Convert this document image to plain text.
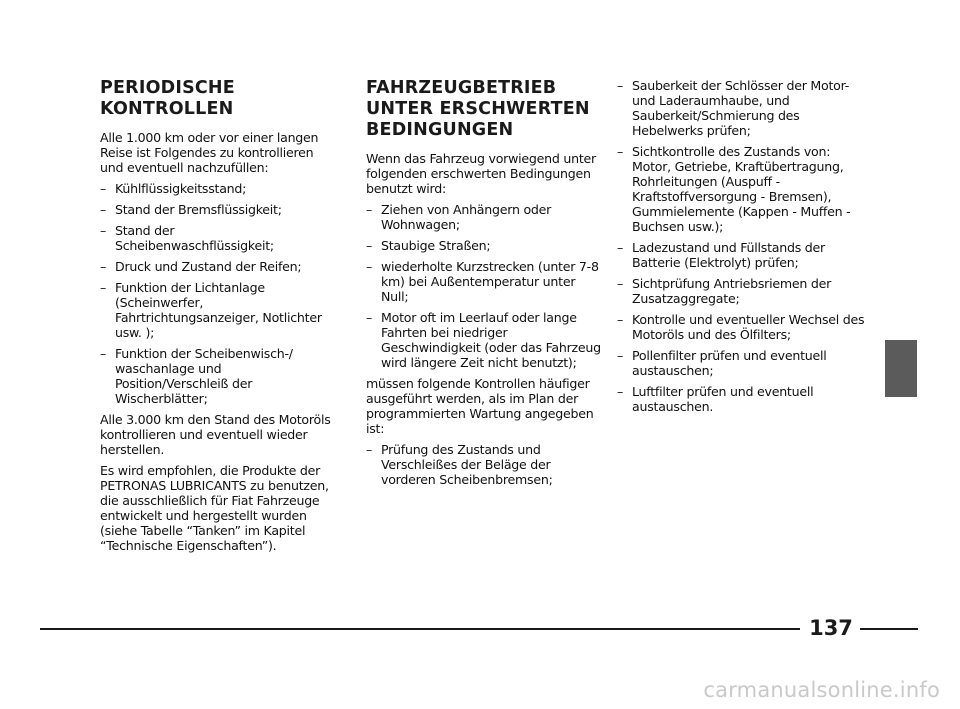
PERIODISCHE
KONTROLLEN

Alle 1.000 km oder vor einer langen Reise ist Folgendes zu kontrollieren und eventuell nachzufüllen:

– Kühlflüssigkeitsstand;
– Stand der Bremsflüssigkeit;
– Stand der Scheibenwaschflüssigkeit;
– Druck und Zustand der Reifen;
– Funktion der Lichtanlage (Scheinwerfer, Fahrtrichtungsanzeiger, Notlichter usw. );
– Funktion der Scheibenwisch-/ waschanlage und Position/Verschleiß der Wischerblätter;

Alle 3.000 km den Stand des Motoröls kontrollieren und eventuell wieder herstellen.

Es wird empfohlen, die Produkte der PETRONAS LUBRICANTS zu benutzen, die ausschließlich für Fiat Fahrzeuge entwickelt und hergestellt wurden (siehe Tabelle “Tanken” im Kapitel “Technische Eigenschaften”).

FAHRZEUGBETRIEB
UNTER ERSCHWERTEN
BEDINGUNGEN

Wenn das Fahrzeug vorwiegend unter folgenden erschwerten Bedingungen benutzt wird:

– Ziehen von Anhängern oder Wohnwagen;
– Staubige Straßen;
– wiederholte Kurzstrecken (unter 7-8 km) bei Außentemperatur unter Null;
– Motor oft im Leerlauf oder lange Fahrten bei niedriger Geschwindigkeit (oder das Fahrzeug wird längere Zeit nicht benutzt);

müssen folgende Kontrollen häufiger ausgeführt werden, als im Plan der programmierten Wartung angegeben ist:

– Prüfung des Zustands und Verschleißes der Beläge der vorderen Scheibenbremsen;
– Sauberkeit der Schlösser der Motor- und Laderaumhaube, und Sauberkeit/Schmierung des Hebelwerks prüfen;
– Sichtkontrolle des Zustands von: Motor, Getriebe, Kraftübertragung, Rohrleitungen (Auspuff - Kraftstoffversorgung - Bremsen), Gummielemente (Kappen - Muffen - Buchsen usw.);
– Ladezustand und Füllstands der Batterie (Elektrolyt) prüfen;
– Sichtprüfung Antriebsriemen der Zusatzaggregate;
– Kontrolle und eventueller Wechsel des Motoröls und des Ölfilters;
– Pollenfilter prüfen und eventuell austauschen;
– Luftfilter prüfen und eventuell austauschen.
137
carmanualsonline.info
